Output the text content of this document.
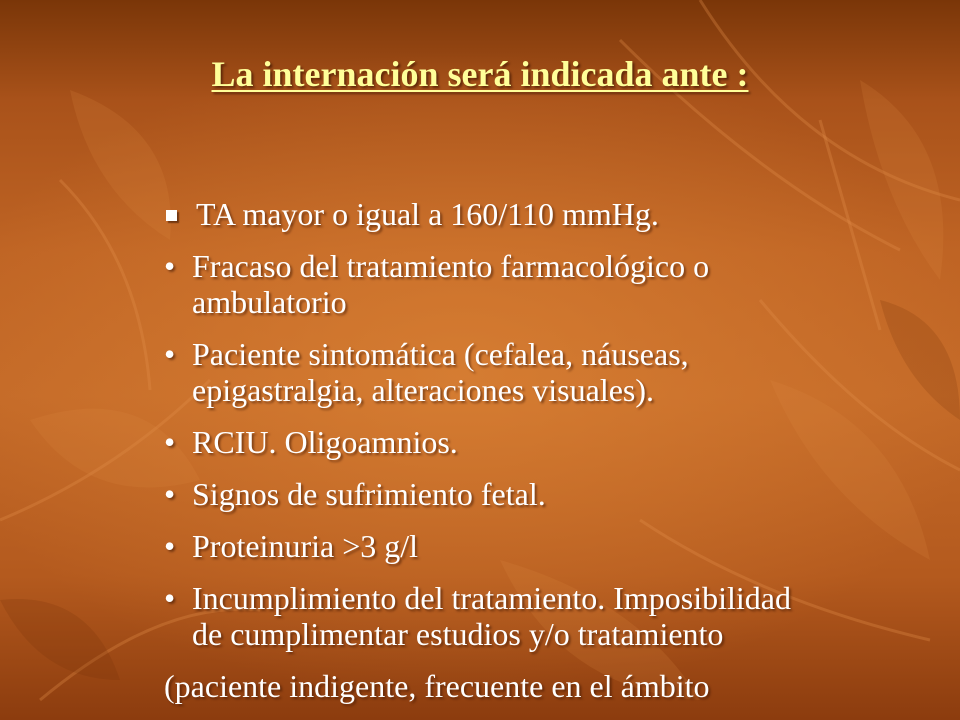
La internación será indicada ante :
TA mayor o igual a 160/110 mmHg.
• Fracaso del tratamiento farmacológico o ambulatorio
• Paciente sintomática (cefalea, náuseas, epigastralgia, alteraciones visuales).
• RCIU. Oligoamnios.
• Signos de sufrimiento fetal.
• Proteinuria >3 g/l
• Incumplimiento del tratamiento. Imposibilidad de cumplimentar estudios y/o tratamiento
(paciente indigente, frecuente en el ámbito
